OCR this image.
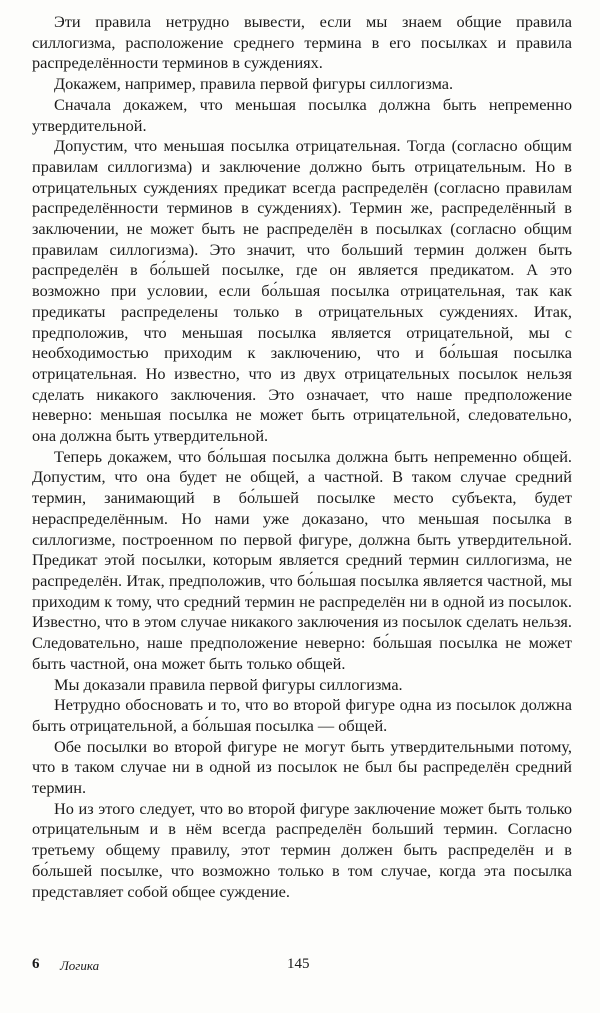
Эти правила нетрудно вывести, если мы знаем общие правила силлогизма, расположение среднего термина в его посылках и правила распределённости терминов в суждениях.

Докажем, например, правила первой фигуры силлогизма.

Сначала докажем, что меньшая посылка должна быть непременно утвердительной.

Допустим, что меньшая посылка отрицательная. Тогда (согласно общим правилам силлогизма) и заключение должно быть отрицательным. Но в отрицательных суждениях предикат всегда распределён (согласно правилам распределённости терминов в суждениях). Термин же, распределённый в заключении, не может быть не распределён в посылках (согласно общим правилам силлогизма). Это значит, что больший термин должен быть распределён в бо́льшей посылке, где он является предикатом. А это возможно при условии, если бо́льшая посылка отрицательная, так как предикаты распределены только в отрицательных суждениях. Итак, предположив, что меньшая посылка является отрицательной, мы с необходимостью приходим к заключению, что и бо́льшая посылка отрицательная. Но известно, что из двух отрицательных посылок нельзя сделать никакого заключения. Это означает, что наше предположение неверно: меньшая посылка не может быть отрицательной, следовательно, она должна быть утвердительной.

Теперь докажем, что бо́льшая посылка должна быть непременно общей. Допустим, что она будет не общей, а частной. В таком случае средний термин, занимающий в бо́льшей посылке место субъекта, будет нераспределённым. Но нами уже доказано, что меньшая посылка в силлогизме, построенном по первой фигуре, должна быть утвердительной. Предикат этой посылки, которым является средний термин силлогизма, не распределён. Итак, предположив, что бо́льшая посылка является частной, мы приходим к тому, что средний термин не распределён ни в одной из посылок. Известно, что в этом случае никакого заключения из посылок сделать нельзя. Следовательно, наше предположение неверно: бо́льшая посылка не может быть частной, она может быть только общей.

Мы доказали правила первой фигуры силлогизма.

Нетрудно обосновать и то, что во второй фигуре одна из посылок должна быть отрицательной, а бо́льшая посылка — общей.

Обе посылки во второй фигуре не могут быть утвердительными потому, что в таком случае ни в одной из посылок не был бы распределён средний термин.

Но из этого следует, что во второй фигуре заключение может быть только отрицательным и в нём всегда распределён больший термин. Согласно третьему общему правилу, этот термин должен быть распределён и в бо́льшей посылке, что возможно только в том случае, когда эта посылка представляет собой общее суждение.

6 Логика	145
